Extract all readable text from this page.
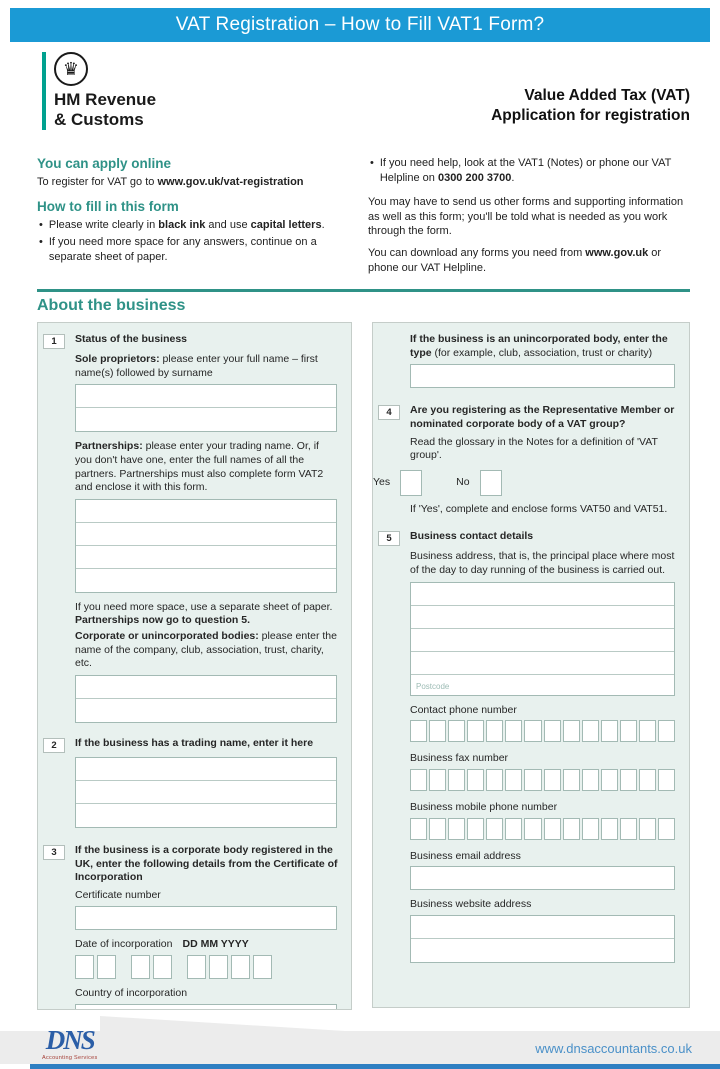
VAT Registration – How to Fill VAT1 Form?
♛
HM Revenue
& Customs
Value Added Tax (VAT)
Application for registration
You can apply online

To register for VAT go to www.gov.uk/vat-registration

How to fill in this form
• Please write clearly in black ink and use capital letters.
• If you need more space for any answers, continue on a separate sheet of paper.
• If you need help, look at the VAT1 (Notes) or phone our VAT Helpline on 0300 200 3700.

You may have to send us other forms and supporting information as well as this form; you'll be told what is needed as you work through the form.

You can download any forms you need from www.gov.uk or phone our VAT Helpline.

About the business
1	Status of the business
Sole proprietors: please enter your full name – first name(s) followed by surname
Partnerships: please enter your trading name. Or, if you don't have one, enter the full names of all the partners. Partnerships must also complete form VAT2 and enclose it with this form.
If you need more space, use a separate sheet of paper. Partnerships now go to question 5.
Corporate or unincorporated bodies: please enter the name of the company, club, association, trust, charity, etc.
2	If the business has a trading name, enter it here
3	If the business is a corporate body registered in the UK, enter the following details from the Certificate of Incorporation
Certificate number
Date of incorporation DD MM YYYY
Country of incorporation
If the business is an unincorporated body, enter the type (for example, club, association, trust or charity)
4	Are you registering as the Representative Member or nominated corporate body of a VAT group?
Read the glossary in the Notes for a definition of 'VAT group'.
Yes	No
If 'Yes', complete and enclose forms VAT50 and VAT51.
5	Business contact details
Business address, that is, the principal place where most of the day to day running of the business is carried out.
Postcode
Contact phone number
Business fax number
Business mobile phone number
Business email address
Business website address
DNS
Accounting Services
www.dnsaccountants.co.uk
